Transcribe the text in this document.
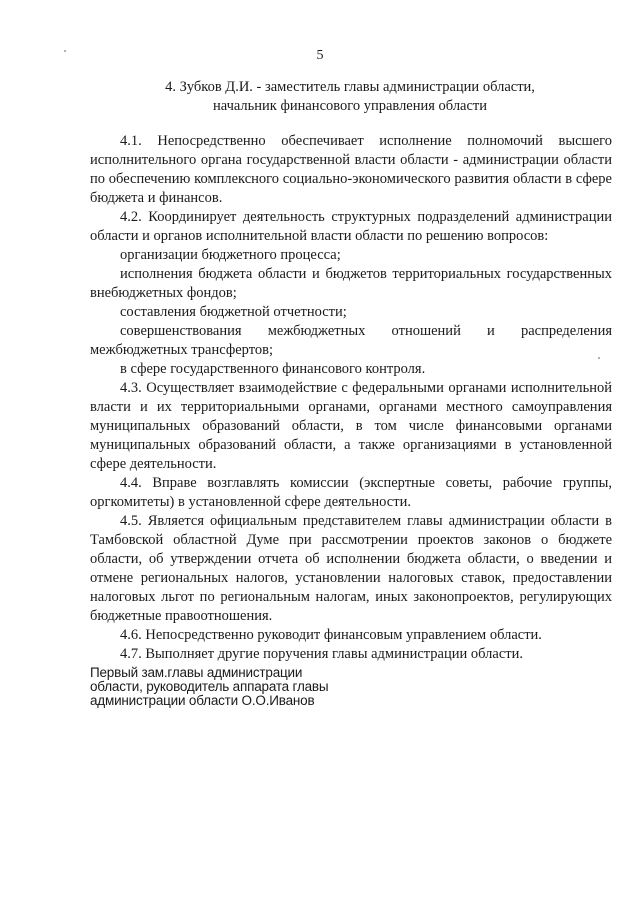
5
4. Зубков Д.И. - заместитель главы администрации области,
начальник финансового управления области

4.1. Непосредственно обеспечивает исполнение полномочий высшего исполнительного органа государственной власти области - администрации области по обеспечению комплексного социально-экономического развития области в сфере бюджета и финансов.

4.2. Координирует деятельность структурных подразделений администрации области и органов исполнительной власти области по решению вопросов:

организации бюджетного процесса;

исполнения бюджета области и бюджетов территориальных государственных внебюджетных фондов;

составления бюджетной отчетности;

совершенствования межбюджетных отношений и распределения межбюджетных трансфертов;

в сфере государственного финансового контроля.

4.3. Осуществляет взаимодействие с федеральными органами исполнительной власти и их территориальными органами, органами местного самоуправления муниципальных образований области, в том числе финансовыми органами муниципальных образований области, а также организациями в установленной сфере деятельности.

4.4. Вправе возглавлять комиссии (экспертные советы, рабочие группы, оргкомитеты) в установленной сфере деятельности.

4.5. Является официальным представителем главы администрации области в Тамбовской областной Думе при рассмотрении проектов законов о бюджете области, об утверждении отчета об исполнении бюджета области, о введении и отмене региональных налогов, установлении налоговых ставок, предоставлении налоговых льгот по региональным налогам, иных законопроектов, регулирующих бюджетные правоотношения.

4.6. Непосредственно руководит финансовым управлением области.

4.7. Выполняет другие поручения главы администрации области.

Первый зам.главы администрации
области, руководитель аппарата главы
администрации области О.О.Иванов
